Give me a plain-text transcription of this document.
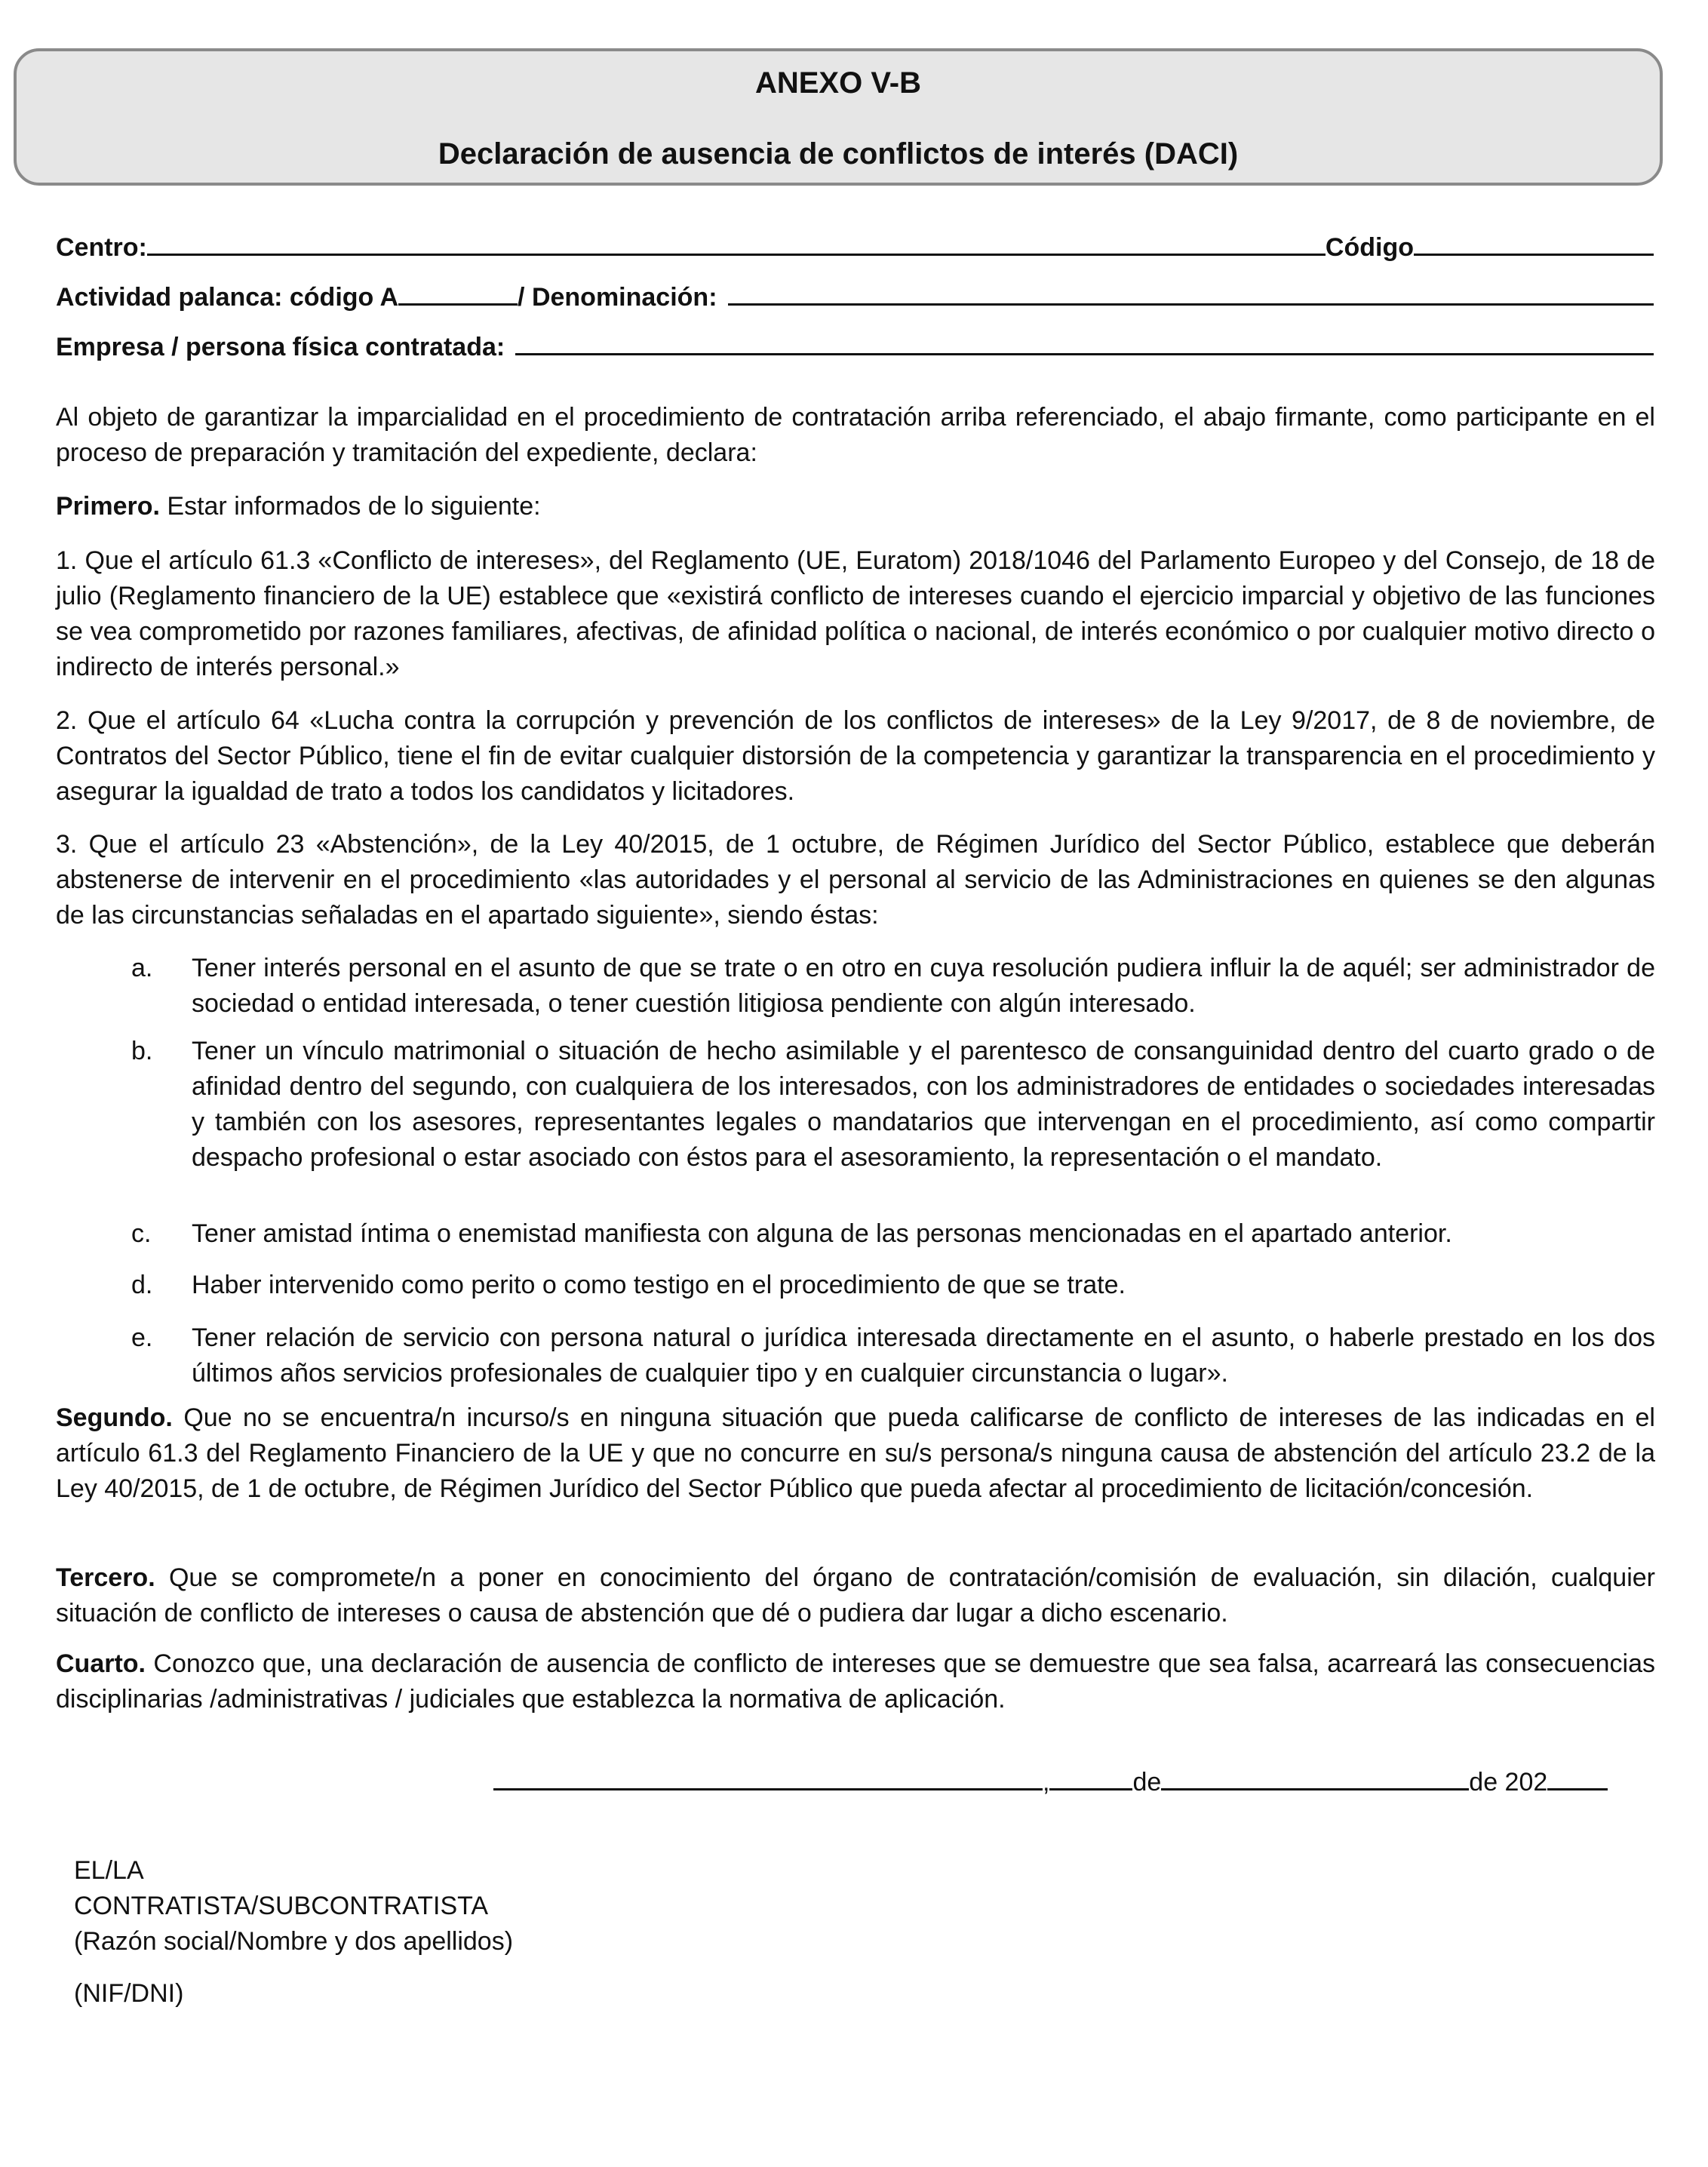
ANEXO V-B
Declaración de ausencia de conflictos de interés (DACI)
Centro:	Código
Actividad palanca: código A	/ Denominación:
Empresa / persona física contratada:

Al objeto de garantizar la imparcialidad en el procedimiento de contratación arriba referenciado, el abajo firmante, como participante en el proceso de preparación y tramitación del expediente, declara:

Primero. Estar informados de lo siguiente:

1. Que el artículo 61.3 «Conflicto de intereses», del Reglamento (UE, Euratom) 2018/1046 del Parlamento Europeo y del Consejo, de 18 de julio (Reglamento financiero de la UE) establece que «existirá conflicto de intereses cuando el ejercicio imparcial y objetivo de las funciones se vea comprometido por razones familiares, afectivas, de afinidad política o nacional, de interés económico o por cualquier motivo directo o indirecto de interés personal.»

2. Que el artículo 64 «Lucha contra la corrupción y prevención de los conflictos de intereses» de la Ley 9/2017, de 8 de noviembre, de Contratos del Sector Público, tiene el fin de evitar cualquier distorsión de la competencia y garantizar la transparencia en el procedimiento y asegurar la igualdad de trato a todos los candidatos y licitadores.

3. Que el artículo 23 «Abstención», de la Ley 40/2015, de 1 octubre, de Régimen Jurídico del Sector Público, establece que deberán abstenerse de intervenir en el procedimiento «las autoridades y el personal al servicio de las Administraciones en quienes se den algunas de las circunstancias señaladas en el apartado siguiente», siendo éstas:

a.	Tener interés personal en el asunto de que se trate o en otro en cuya resolución pudiera influir la de aquél; ser administrador de sociedad o entidad interesada, o tener cuestión litigiosa pendiente con algún interesado.
b.	Tener un vínculo matrimonial o situación de hecho asimilable y el parentesco de consanguinidad dentro del cuarto grado o de afinidad dentro del segundo, con cualquiera de los interesados, con los administradores de entidades o sociedades interesadas y también con los asesores, representantes legales o mandatarios que intervengan en el procedimiento, así como compartir despacho profesional o estar asociado con éstos para el asesoramiento, la representación o el mandato.
c.	Tener amistad íntima o enemistad manifiesta con alguna de las personas mencionadas en el apartado anterior.
d.	Haber intervenido como perito o como testigo en el procedimiento de que se trate.
e.	Tener relación de servicio con persona natural o jurídica interesada directamente en el asunto, o haberle prestado en los dos últimos años servicios profesionales de cualquier tipo y en cualquier circunstancia o lugar».

Segundo. Que no se encuentra/n incurso/s en ninguna situación que pueda calificarse de conflicto de intereses de las indicadas en el artículo 61.3 del Reglamento Financiero de la UE y que no concurre en su/s persona/s ninguna causa de abstención del artículo 23.2 de la Ley 40/2015, de 1 de octubre, de Régimen Jurídico del Sector Público que pueda afectar al procedimiento de licitación/concesión.

Tercero. Que se compromete/n a poner en conocimiento del órgano de contratación/comisión de evaluación, sin dilación, cualquier situación de conflicto de intereses o causa de abstención que dé o pudiera dar lugar a dicho escenario.

Cuarto. Conozco que, una declaración de ausencia de conflicto de intereses que se demuestre que sea falsa, acarreará las consecuencias disciplinarias /administrativas / judiciales que establezca la normativa de aplicación.

,	de	de 202
EL/LA
CONTRATISTA/SUBCONTRATISTA
(Razón social/Nombre y dos apellidos)
(NIF/DNI)
